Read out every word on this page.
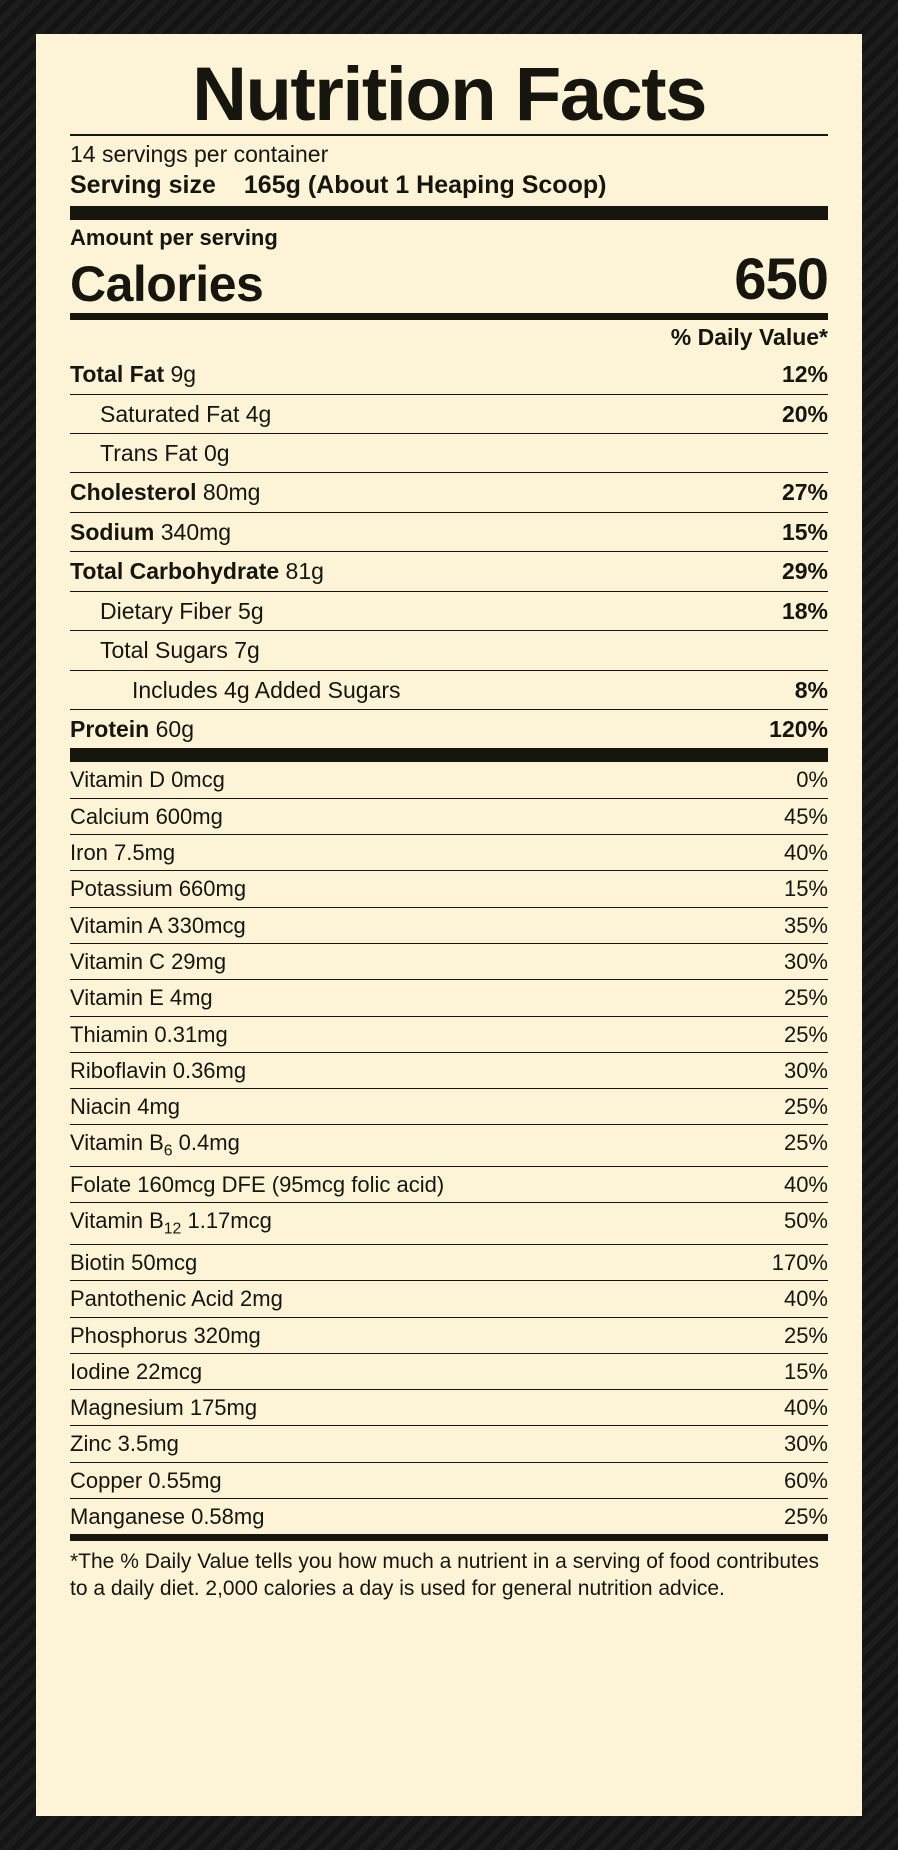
Nutrition Facts
14 servings per container
Serving size 165g (About 1 Heaping Scoop)
Amount per serving
Calories	650
% Daily Value*
Total Fat 9g	12%
Saturated Fat 4g	20%
Trans Fat 0g
Cholesterol 80mg	27%
Sodium 340mg	15%
Total Carbohydrate 81g	29%
Dietary Fiber 5g	18%
Total Sugars 7g
Includes 4g Added Sugars	8%
Protein 60g	120%
Vitamin D 0mcg	0%
Calcium 600mg	45%
Iron 7.5mg	40%
Potassium 660mg	15%
Vitamin A 330mcg	35%
Vitamin C 29mg	30%
Vitamin E 4mg	25%
Thiamin 0.31mg	25%
Riboflavin 0.36mg	30%
Niacin 4mg	25%
Vitamin $B_6$ 0.4mg	25%
Folate 160mcg DFE (95mcg folic acid)	40%
Vitamin $B_{12}$ 1.17mcg	50%
Biotin 50mcg	170%
Pantothenic Acid 2mg	40%
Phosphorus 320mg	25%
Iodine 22mcg	15%
Magnesium 175mg	40%
Zinc 3.5mg	30%
Copper 0.55mg	60%
Manganese 0.58mg	25%
*The % Daily Value tells you how much a nutrient in a serving of food contributes to a daily diet. 2,000 calories a day is used for general nutrition advice.
